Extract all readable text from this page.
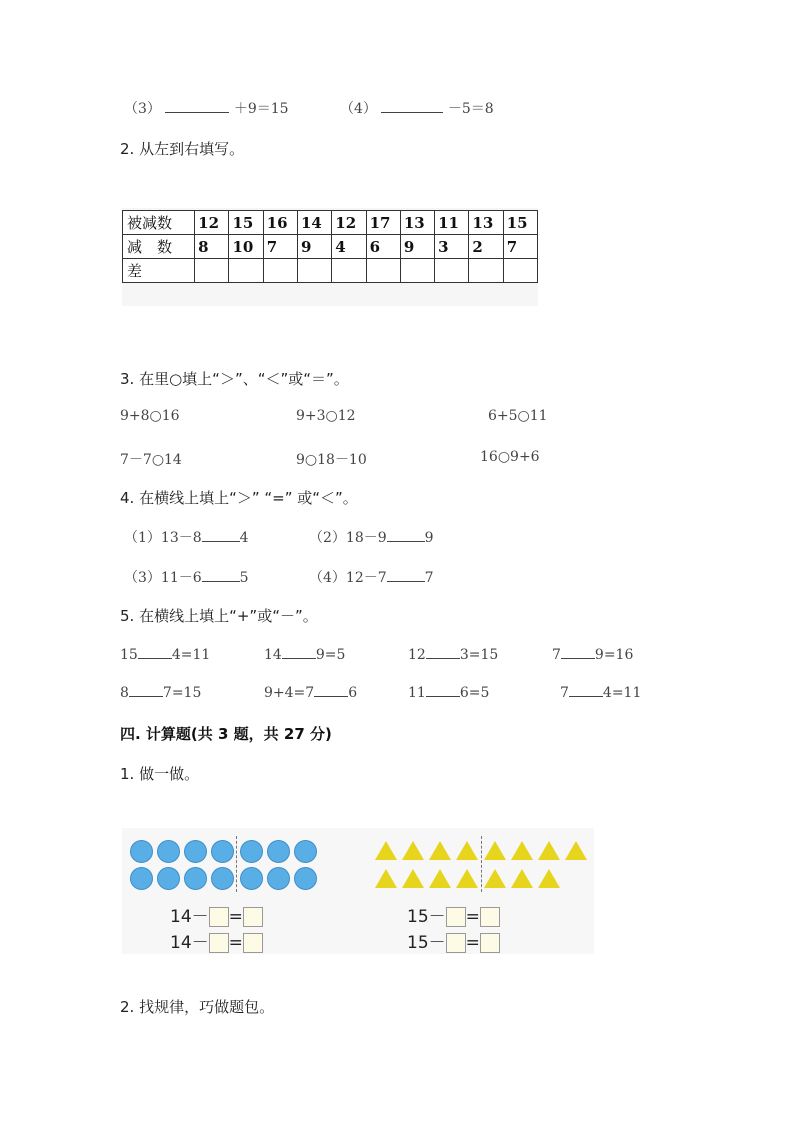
（3）	＋9＝15	（4）	－5＝8
2. 从左到右填写。
被减数	12	15	16	14	12	17	13	11	13	15
减　数	8	10	7	9	4	6	9	3	2	7
差										
3. 在里○填上“＞”、“＜”或“＝”。
9+8○16	9+3○12	6+5○11
7－7○14	9○18－10	16○9+6
4. 在横线上填上“＞” “=” 或“＜”。
（1）13－8	4	（2）18－9	9
（3）11－6	5	（4）12－7	7
5. 在横线上填上“+”或“－”。
15 4=11	14 9=5	12 3=15	7 9=16
8 7=15	9+4=7 6	11 6=5	7 4=11
四. 计算题(共 3 题，共 27 分)
1. 做一做。
14－ =
14－ =
15－ =
15－ =
2. 找规律，巧做题包。
